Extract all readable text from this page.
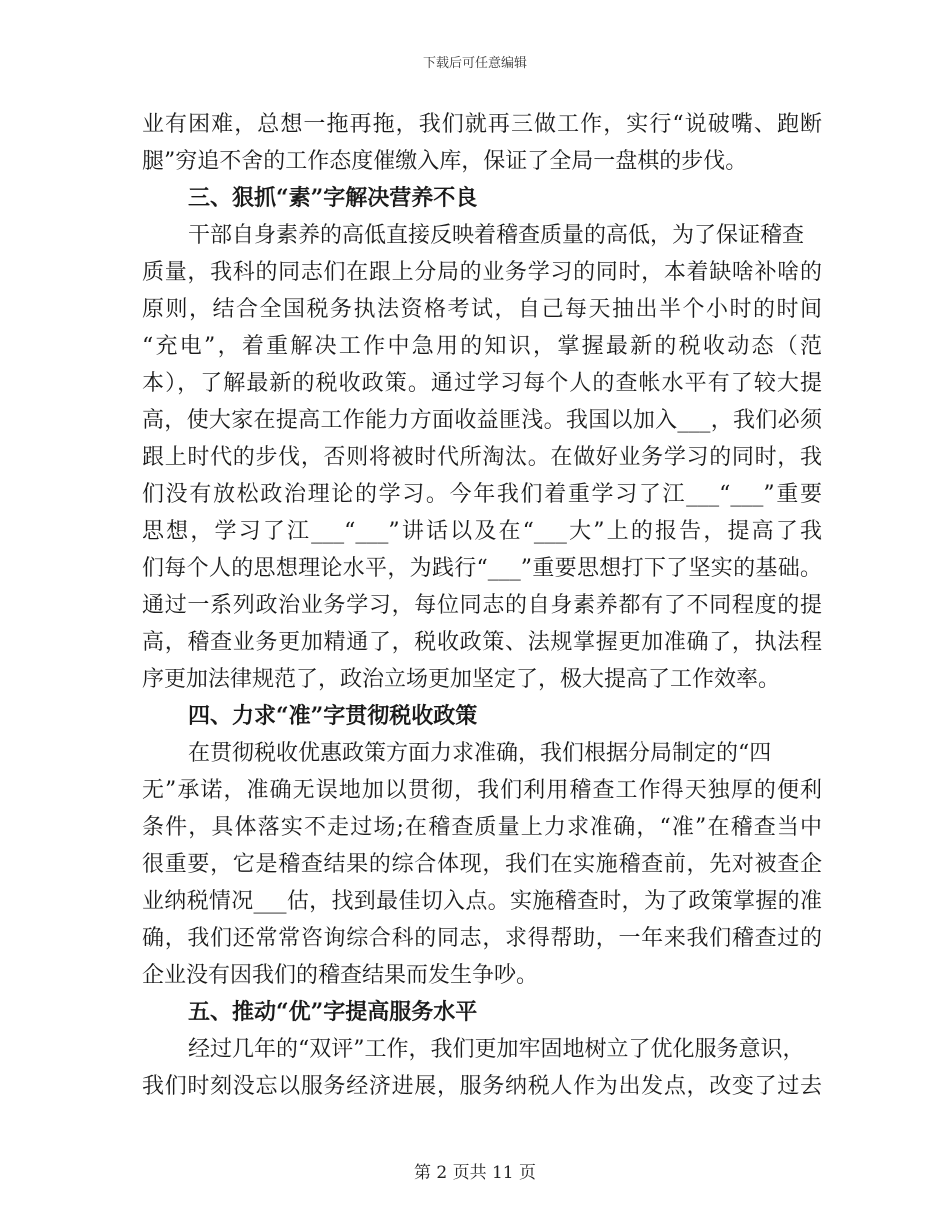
下载后可任意编辑
业有困难，总想一拖再拖，我们就再三做工作，实行“说破嘴、跑断
腿”穷追不舍的工作态度催缴入库，保证了全局一盘棋的步伐。
三、狠抓“素”字解决营养不良
干部自身素养的高低直接反映着稽查质量的高低，为了保证稽查
质量，我科的同志们在跟上分局的业务学习的同时，本着缺啥补啥的
原则，结合全国税务执法资格考试，自己每天抽出半个小时的时间
“充电”，着重解决工作中急用的知识，掌握最新的税收动态（范
本），了解最新的税收政策。通过学习每个人的查帐水平有了较大提
高，使大家在提高工作能力方面收益匪浅。我国以加入___，我们必须
跟上时代的步伐，否则将被时代所淘汰。在做好业务学习的同时，我
们没有放松政治理论的学习。今年我们着重学习了江___“___”重要
思想，学习了江___“___”讲话以及在“___大”上的报告，提高了我
们每个人的思想理论水平，为践行“___”重要思想打下了坚实的基础。
通过一系列政治业务学习，每位同志的自身素养都有了不同程度的提
高，稽查业务更加精通了，税收政策、法规掌握更加准确了，执法程
序更加法律规范了，政治立场更加坚定了，极大提高了工作效率。
四、力求“准”字贯彻税收政策
在贯彻税收优惠政策方面力求准确，我们根据分局制定的“四
无”承诺，准确无误地加以贯彻，我们利用稽查工作得天独厚的便利
条件，具体落实不走过场;在稽查质量上力求准确，“准”在稽查当中
很重要，它是稽查结果的综合体现，我们在实施稽查前，先对被查企
业纳税情况___估，找到最佳切入点。实施稽查时，为了政策掌握的准
确，我们还常常咨询综合科的同志，求得帮助，一年来我们稽查过的
企业没有因我们的稽查结果而发生争吵。
五、推动“优”字提高服务水平
经过几年的“双评”工作，我们更加牢固地树立了优化服务意识，
我们时刻没忘以服务经济进展，服务纳税人作为出发点，改变了过去
第 2 页共 11 页
